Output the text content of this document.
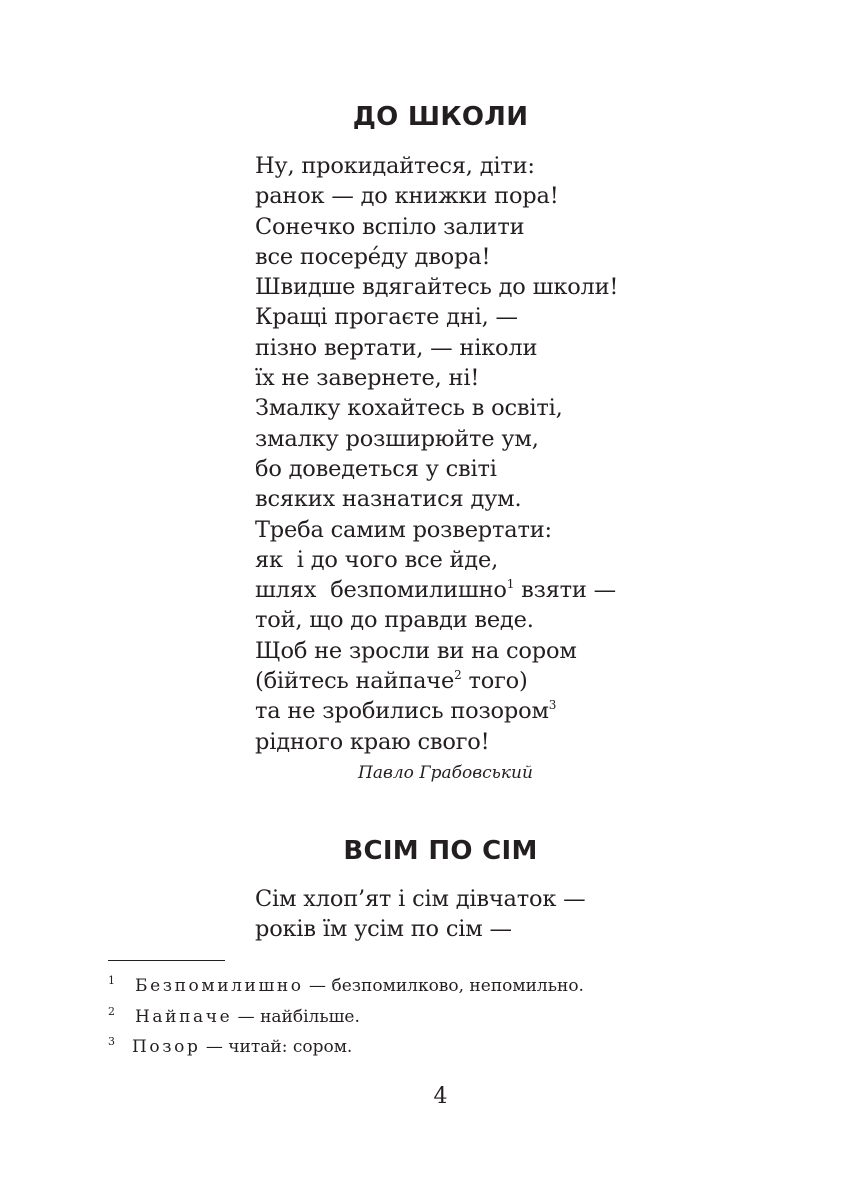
ДО ШКОЛИ
Ну, прокидайтеся, діти:
ранок — до книжки пора!
Сонечко вспіло залити
все посере́ду двора!
Швидше вдягайтесь до школи!
Кращі прогаєте дні, —
пізно вертати, — ніколи
їх не завернете, ні!
Змалку кохайтесь в освіті,
змалку розширюйте ум,
бо доведеться у світі
всяких назнатися дум.
Треба самим розвертати:
як  і до чого все йде,
шлях  безпомилишно$^1$ взяти —
той, що до правди веде.
Щоб не зросли ви на сором
(бійтесь найпаче$^2$ того)
та не зробились позором$^3$
рідного краю свого!
Павло Грабовський
ВСІМ ПО СІМ
Сім хлоп’ят і сім дівчаток —
років їм усім по сім —
1 Безпомилишно — безпомилково, непомильно.
2 Найпаче — найбільше.
3 Позор — читай: сором.
4
